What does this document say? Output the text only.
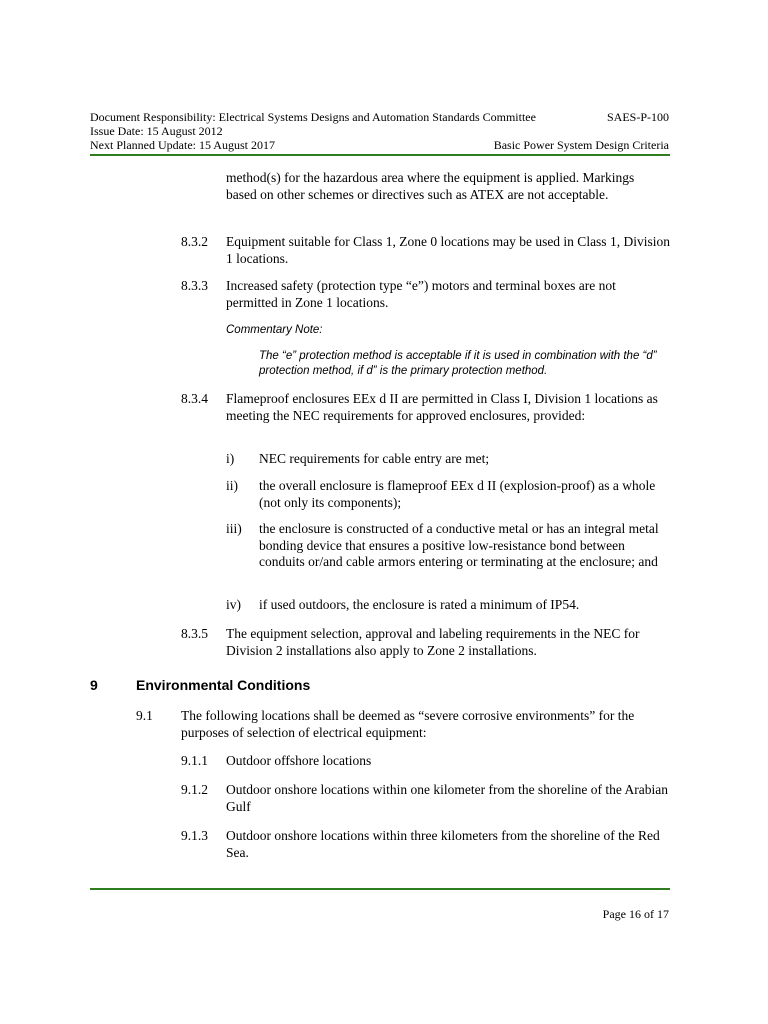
Document Responsibility: Electrical Systems Designs and Automation Standards Committee	SAES-P-100
Issue Date: 15 August 2012
Next Planned Update: 15 August 2017	Basic Power System Design Criteria
method(s) for the hazardous area where the equipment is applied. Markings based on other schemes or directives such as ATEX are not acceptable.
8.3.2 Equipment suitable for Class 1, Zone 0 locations may be used in Class 1, Division 1 locations.
8.3.3 Increased safety (protection type “e”) motors and terminal boxes are not permitted in Zone 1 locations.
Commentary Note:
The “e” protection method is acceptable if it is used in combination with the “d” protection method, if d” is the primary protection method.
8.3.4 Flameproof enclosures EEx d II are permitted in Class I, Division 1 locations as meeting the NEC requirements for approved enclosures, provided:
i) NEC requirements for cable entry are met;
ii) the overall enclosure is flameproof EEx d II (explosion-proof) as a whole (not only its components);
iii) the enclosure is constructed of a conductive metal or has an integral metal bonding device that ensures a positive low-resistance bond between conduits or/and cable armors entering or terminating at the enclosure; and
iv) if used outdoors, the enclosure is rated a minimum of IP54.
8.3.5 The equipment selection, approval and labeling requirements in the NEC for Division 2 installations also apply to Zone 2 installations.
9	Environmental Conditions
9.1 The following locations shall be deemed as “severe corrosive environments” for the purposes of selection of electrical equipment:
9.1.1 Outdoor offshore locations
9.1.2 Outdoor onshore locations within one kilometer from the shoreline of the Arabian Gulf
9.1.3 Outdoor onshore locations within three kilometers from the shoreline of the Red Sea.
Page 16 of 17
